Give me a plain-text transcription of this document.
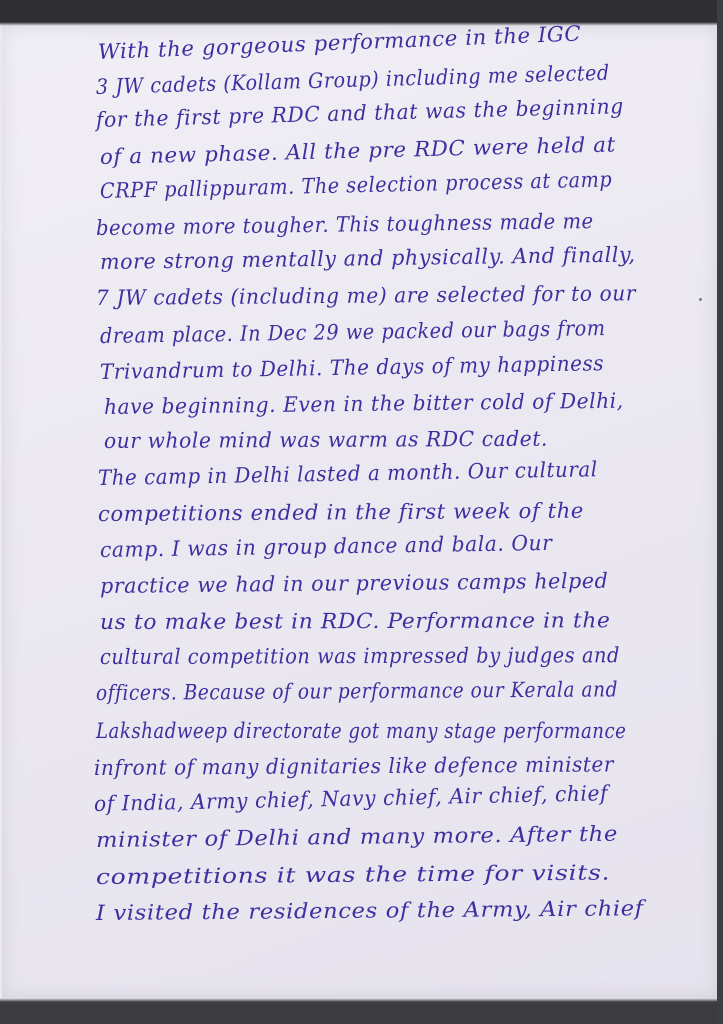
With the gorgeous performance in the IGC
3 JW cadets (Kollam Group) including me selected
for the first pre RDC and that was the beginning
of a new phase. All the pre RDC were held at
CRPF pallippuram. The selection process at camp
become more tougher. This toughness made me
more strong mentally and physically. And finally,
7 JW cadets (including me) are selected for to our
dream place. In Dec 29 we packed our bags from
Trivandrum to Delhi. The days of my happiness
have beginning. Even in the bitter cold of Delhi,
our whole mind was warm as RDC cadet.
The camp in Delhi lasted a month. Our cultural
competitions ended in the first week of the
camp. I was in group dance and bala. Our
practice we had in our previous camps helped
us to make best in RDC. Performance in the
cultural competition was impressed by judges and
officers. Because of our performance our Kerala and
Lakshadweep directorate got many stage performance
infront of many dignitaries like defence minister
of India, Army chief, Navy chief, Air chief, chief
minister of Delhi and many more. After the
competitions it was the time for visits.
I visited the residences of the Army, Air chief
